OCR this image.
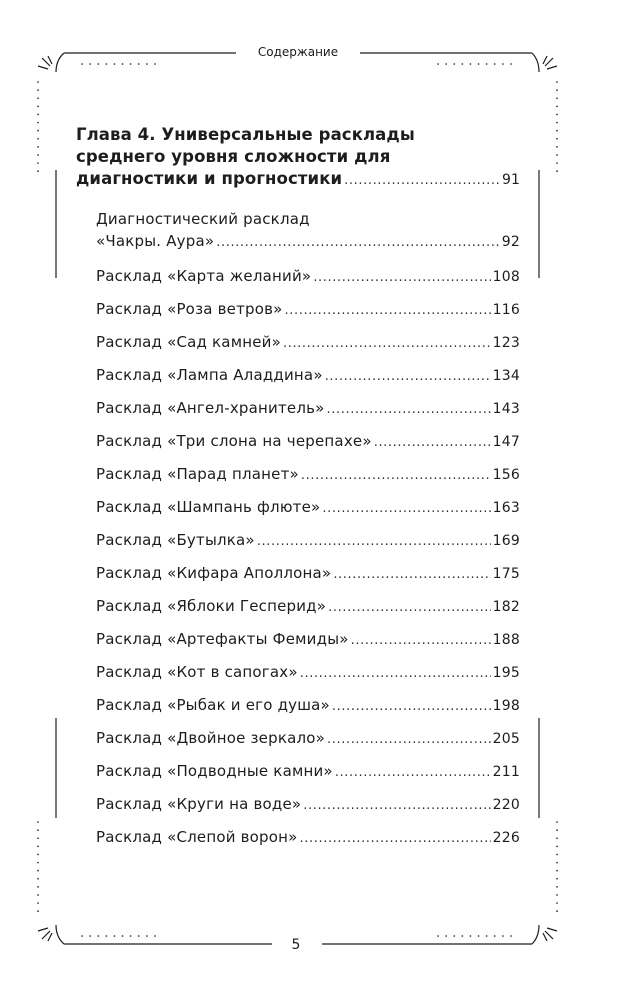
Содержание
Глава 4. Универсальные расклады
среднего уровня сложности для
диагностики и прогностики .....	91
Диагностический расклад
«Чакры. Аура» .....	92
Расклад «Карта желаний» .....	108
Расклад «Роза ветров» .....	116
Расклад «Сад камней» .....	123
Расклад «Лампа Аладдина» .....	134
Расклад «Ангел-хранитель» .....	143
Расклад «Три слона на черепахе» .....	147
Расклад «Парад планет» .....	156
Расклад «Шампань флюте» .....	163
Расклад «Бутылка» .....	169
Расклад «Кифара Аполлона» .....	175
Расклад «Яблоки Гесперид» .....	182
Расклад «Артефакты Фемиды» .....	188
Расклад «Кот в сапогах» .....	195
Расклад «Рыбак и его душа» .....	198
Расклад «Двойное зеркало» .....	205
Расклад «Подводные камни» .....	211
Расклад «Круги на воде» .....	220
Расклад «Слепой ворон» .....	226
5
